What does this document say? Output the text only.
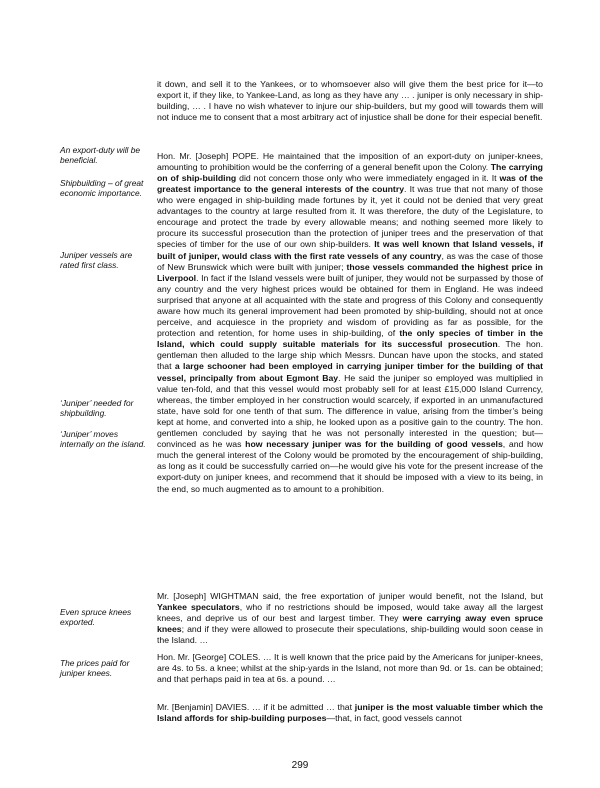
it down, and sell it to the Yankees, or to whomsoever also will give them the best price for it—to export it, if they like, to Yankee-Land, as long as they have any … . juniper is only necessary in ship-building, … . I have no wish whatever to injure our ship-builders, but my good will towards them will not induce me to consent that a most arbitrary act of injustice shall be done for their especial benefit.

Hon. Mr. [Joseph] POPE. He maintained that the imposition of an export-duty on juniper-knees, amounting to prohibition would be the conferring of a general benefit upon the Colony. The carrying on of ship-building did not concern those only who were immediately engaged in it. It was of the greatest importance to the general interests of the country. It was true that not many of those who were engaged in ship-building made fortunes by it, yet it could not be denied that very great advantages to the country at large resulted from it. It was therefore, the duty of the Legislature, to encourage and protect the trade by every allowable means; and nothing seemed more likely to procure its successful prosecution than the protection of juniper trees and the preservation of that species of timber for the use of our own ship-builders. It was well known that Island vessels, if built of juniper, would class with the first rate vessels of any country, as was the case of those of New Brunswick which were built with juniper; those vessels commanded the highest price in Liverpool. In fact if the Island vessels were built of juniper, they would not be surpassed by those of any country and the very highest prices would be obtained for them in England. He was indeed surprised that anyone at all acquainted with the state and progress of this Colony and consequently aware how much its general improvement had been promoted by ship-building, should not at once perceive, and acquiesce in the propriety and wisdom of providing as far as possible, for the protection and retention, for home uses in ship-building, of the only species of timber in the Island, which could supply suitable materials for its successful prosecution. The hon. gentleman then alluded to the large ship which Messrs. Duncan have upon the stocks, and stated that a large schooner had been employed in carrying juniper timber for the building of that vessel, principally from about Egmont Bay. He said the juniper so employed was multiplied in value ten-fold, and that this vessel would most probably sell for at least £15,000 Island Currency, whereas, the timber employed in her construction would scarcely, if exported in an unmanufactured state, have sold for one tenth of that sum. The difference in value, arising from the timber’s being kept at home, and converted into a ship, he looked upon as a positive gain to the country. The hon. gentlemen concluded by saying that he was not personally interested in the question; but—convinced as he was how necessary juniper was for the building of good vessels, and how much the general interest of the Colony would be promoted by the encouragement of ship-building, as long as it could be successfully carried on—he would give his vote for the present increase of the export-duty on juniper knees, and recommend that it should be imposed with a view to its being, in the end, so much augmented as to amount to a prohibition.

Mr. [Joseph] WIGHTMAN said, the free exportation of juniper would benefit, not the Island, but Yankee speculators, who if no restrictions should be imposed, would take away all the largest knees, and deprive us of our best and largest timber. They were carrying away even spruce knees; and if they were allowed to prosecute their speculations, ship-building would soon cease in the Island. …

Hon. Mr. [George] COLES. … It is well known that the price paid by the Americans for juniper-knees, are 4s. to 5s. a knee; whilst at the ship-yards in the Island, not more than 9d. or 1s. can be obtained; and that perhaps paid in tea at 6s. a pound. …

Mr. [Benjamin] DAVIES. … if it be admitted … that juniper is the most valuable timber which the Island affords for ship-building purposes—that, in fact, good vessels cannot

An export-duty will be beneficial.
Shipbuilding – of great economic importance.
Juniper vessels are rated first class.
‘Juniper’ needed for shipbuilding.
‘Juniper’ moves internally on the island.
Even spruce knees exported.
The prices paid for juniper knees.
299
